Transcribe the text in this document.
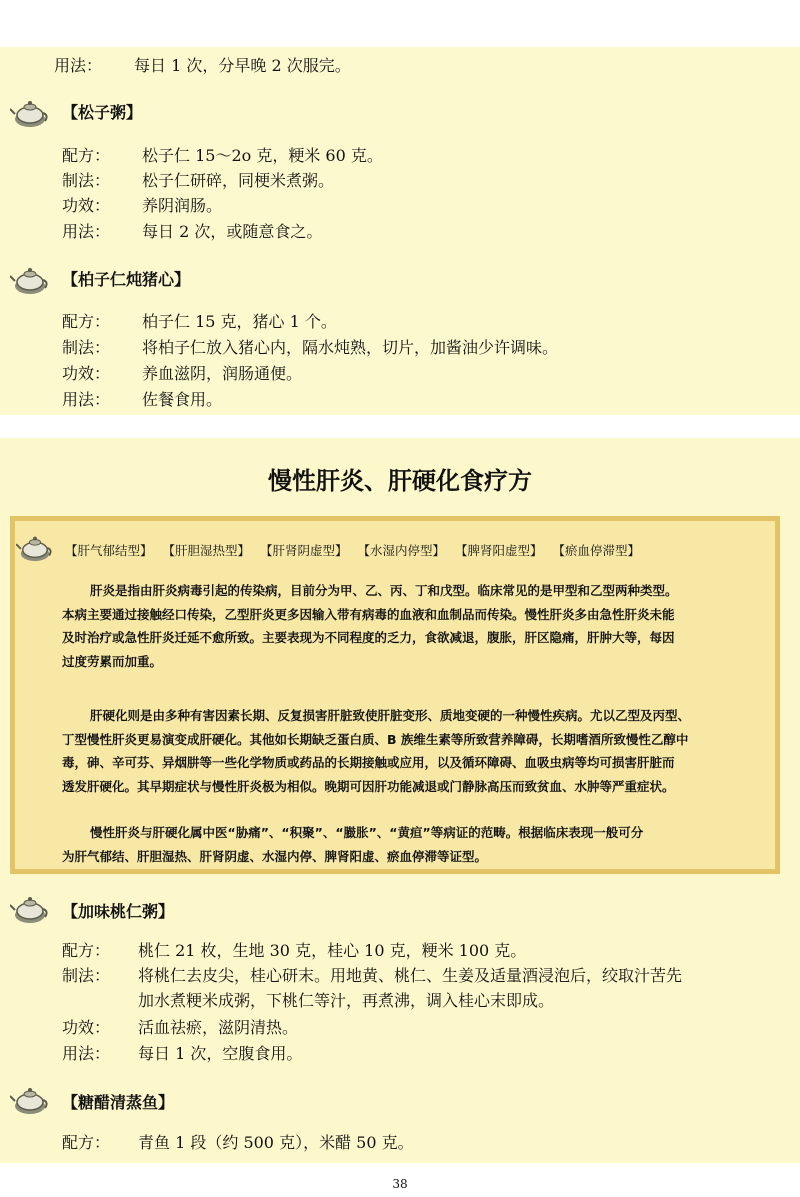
用法： 每日 1 次，分早晚 2 次服完。
【松子粥】
配方： 松子仁 15～2o 克，粳米 60 克。
制法： 松子仁研碎，同梗米煮粥。
功效： 养阴润肠。
用法： 每日 2 次，或随意食之。
【柏子仁炖猪心】
配方： 柏子仁 15 克，猪心 1 个。
制法： 将柏子仁放入猪心内，隔水炖熟，切片，加酱油少许调味。
功效： 养血滋阴，润肠通便。
用法： 佐餐食用。
慢性肝炎、肝硬化食疗方
【肝气郁结型】 【肝胆湿热型】 【肝肾阴虚型】 【水湿内停型】 【脾肾阳虚型】 【瘀血停滞型】
肝炎是指由肝炎病毒引起的传染病，目前分为甲、乙、丙、丁和戊型。临床常见的是甲型和乙型两种类型。
本病主要通过接触经口传染，乙型肝炎更多因输入带有病毒的血液和血制品而传染。慢性肝炎多由急性肝炎未能
及时治疗或急性肝炎迁延不愈所致。主要表现为不同程度的乏力，食欲减退，腹胀，肝区隐痛，肝肿大等，每因
过度劳累而加重。
肝硬化则是由多种有害因素长期、反复损害肝脏致使肝脏变形、质地变硬的一种慢性疾病。尤以乙型及丙型、
丁型慢性肝炎更易演变成肝硬化。其他如长期缺乏蛋白质、B 族维生素等所致营养障碍，长期嗜酒所致慢性乙醇中
毒，砷、辛可芬、异烟肼等一些化学物质或药品的长期接触或应用，以及循环障碍、血吸虫病等均可损害肝脏而
透发肝硬化。其早期症状与慢性肝炎极为相似。晚期可因肝功能减退或门静脉高压而致贫血、水肿等严重症状。
慢性肝炎与肝硬化属中医“胁痛”、“积聚”、“臌胀”、“黄疸”等病证的范畴。根据临床表现一般可分
为肝气郁结、肝胆湿热、肝肾阴虚、水湿内停、脾肾阳虚、瘀血停滞等证型。
【加味桃仁粥】
配方： 桃仁 21 枚，生地 30 克，桂心 10 克，粳米 100 克。
制法： 将桃仁去皮尖，桂心研末。用地黄、桃仁、生姜及适量酒浸泡后，绞取汁苦先
加水煮粳米成粥，下桃仁等汁，再煮沸，调入桂心末即成。
功效： 活血祛瘀，滋阴清热。
用法： 每日 1 次，空腹食用。
【糖醋清蒸鱼】
配方： 青鱼 1 段（约 500 克），米醋 50 克。
38
